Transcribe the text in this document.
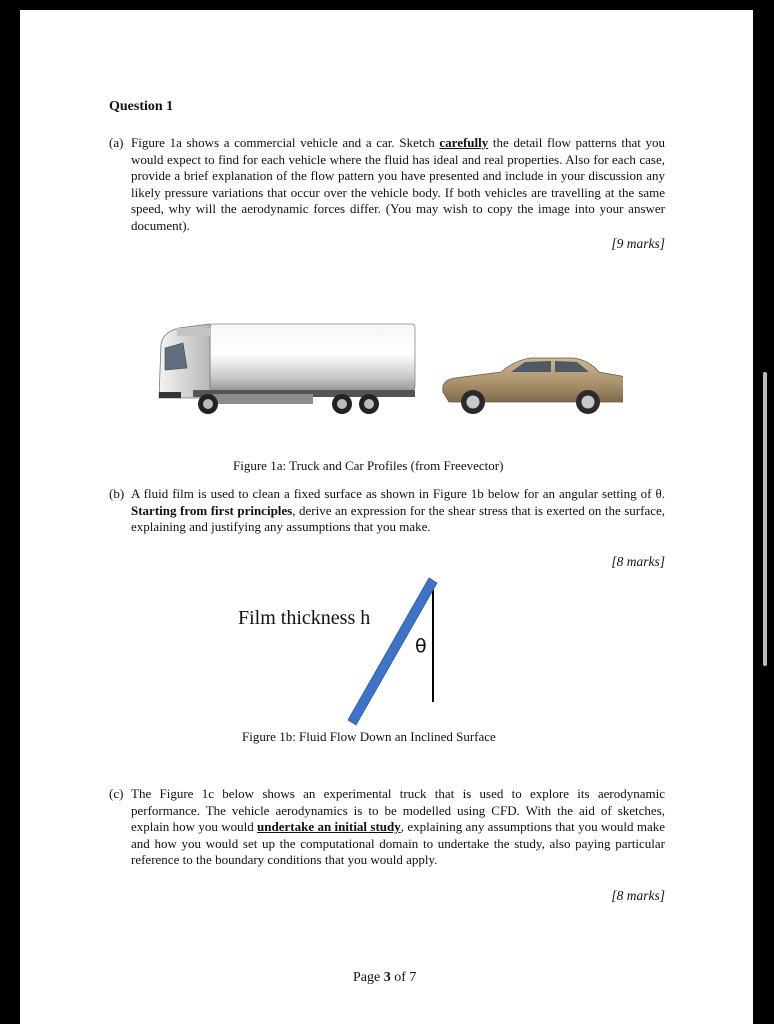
Question 1
(a) Figure 1a shows a commercial vehicle and a car. Sketch carefully the detail flow patterns that you would expect to find for each vehicle where the fluid has ideal and real properties. Also for each case, provide a brief explanation of the flow pattern you have presented and include in your discussion any likely pressure variations that occur over the vehicle body. If both vehicles are travelling at the same speed, why will the aerodynamic forces differ. (You may wish to copy the image into your answer document).
[9 marks]
Figure 1a: Truck and Car Profiles (from Freevector)
(b) A fluid film is used to clean a fixed surface as shown in Figure 1b below for an angular setting of θ. Starting from first principles, derive an expression for the shear stress that is exerted on the surface, explaining and justifying any assumptions that you make.
[8 marks]
Film thickness h
θ
Figure 1b: Fluid Flow Down an Inclined Surface
(c) The Figure 1c below shows an experimental truck that is used to explore its aerodynamic performance. The vehicle aerodynamics is to be modelled using CFD. With the aid of sketches, explain how you would undertake an initial study, explaining any assumptions that you would make and how you would set up the computational domain to undertake the study, also paying particular reference to the boundary conditions that you would apply.
[8 marks]
Page 3 of 7
